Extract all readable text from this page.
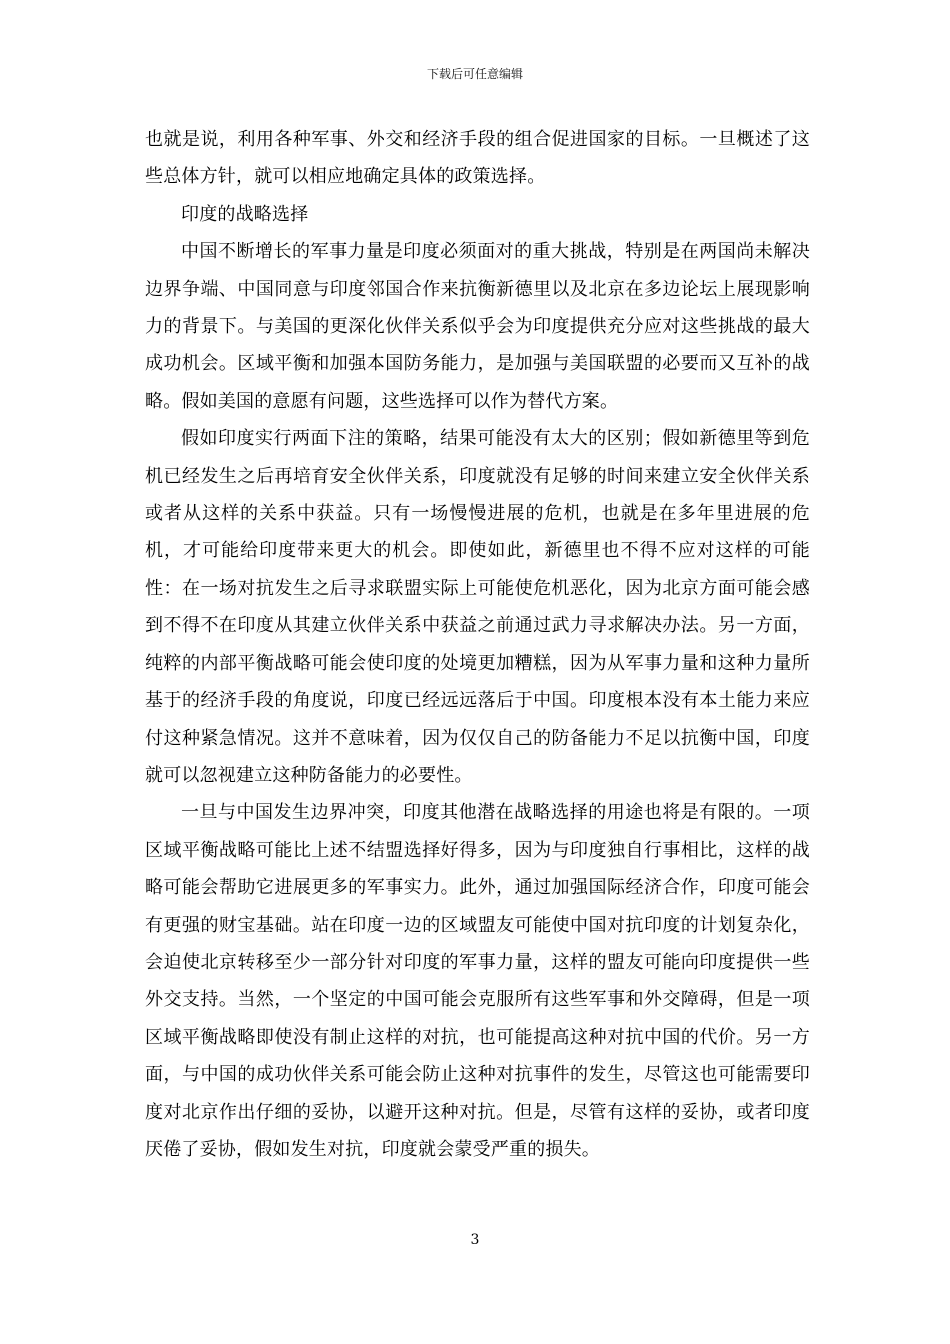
下载后可任意编辑

也就是说，利用各种军事、外交和经济手段的组合促进国家的目标。一旦概述了这些总体方针，就可以相应地确定具体的政策选择。

印度的战略选择

中国不断增长的军事力量是印度必须面对的重大挑战，特别是在两国尚未解决边界争端、中国同意与印度邻国合作来抗衡新德里以及北京在多边论坛上展现影响力的背景下。与美国的更深化伙伴关系似乎会为印度提供充分应对这些挑战的最大成功机会。区域平衡和加强本国防务能力，是加强与美国联盟的必要而又互补的战略。假如美国的意愿有问题，这些选择可以作为替代方案。

假如印度实行两面下注的策略，结果可能没有太大的区别；假如新德里等到危机已经发生之后再培育安全伙伴关系，印度就没有足够的时间来建立安全伙伴关系或者从这样的关系中获益。只有一场慢慢进展的危机，也就是在多年里进展的危机，才可能给印度带来更大的机会。即使如此，新德里也不得不应对这样的可能性：在一场对抗发生之后寻求联盟实际上可能使危机恶化，因为北京方面可能会感到不得不在印度从其建立伙伴关系中获益之前通过武力寻求解决办法。另一方面，纯粹的内部平衡战略可能会使印度的处境更加糟糕，因为从军事力量和这种力量所基于的经济手段的角度说，印度已经远远落后于中国。印度根本没有本土能力来应付这种紧急情况。这并不意味着，因为仅仅自己的防备能力不足以抗衡中国，印度就可以忽视建立这种防备能力的必要性。

一旦与中国发生边界冲突，印度其他潜在战略选择的用途也将是有限的。一项区域平衡战略可能比上述不结盟选择好得多，因为与印度独自行事相比，这样的战略可能会帮助它进展更多的军事实力。此外，通过加强国际经济合作，印度可能会有更强的财宝基础。站在印度一边的区域盟友可能使中国对抗印度的计划复杂化，会迫使北京转移至少一部分针对印度的军事力量，这样的盟友可能向印度提供一些外交支持。当然，一个坚定的中国可能会克服所有这些军事和外交障碍，但是一项区域平衡战略即使没有制止这样的对抗，也可能提高这种对抗中国的代价。另一方面，与中国的成功伙伴关系可能会防止这种对抗事件的发生，尽管这也可能需要印度对北京作出仔细的妥协，以避开这种对抗。但是，尽管有这样的妥协，或者印度厌倦了妥协，假如发生对抗，印度就会蒙受严重的损失。

3
